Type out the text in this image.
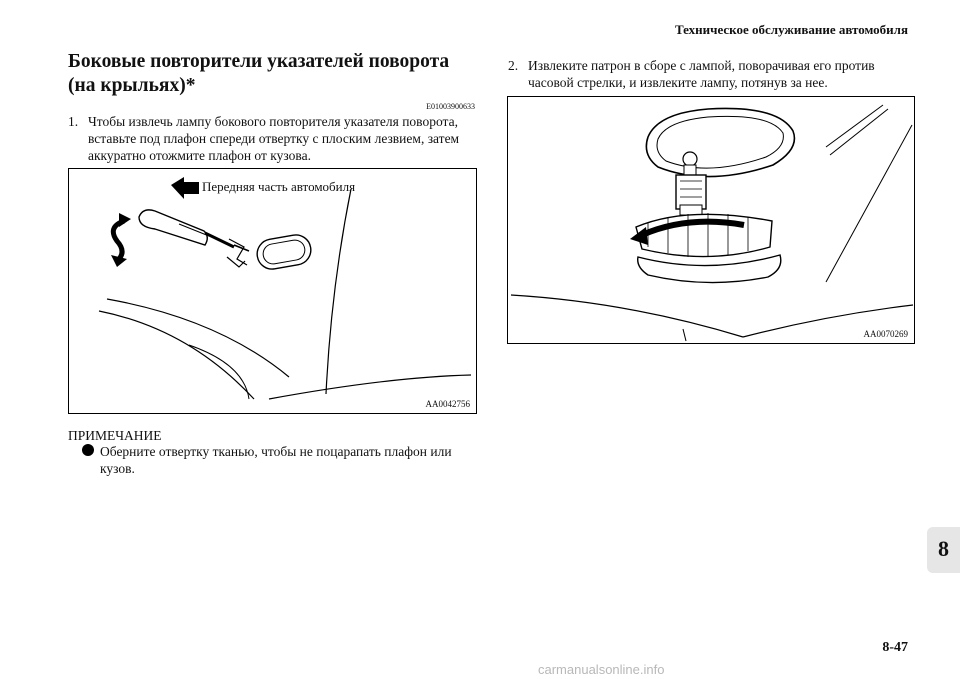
Техническое обслуживание автомобиля
Боковые повторители указателей поворота (на крыльях)*
E01003900633
1. Чтобы извлечь лампу бокового повторителя указателя поворота, вставьте под плафон спереди отвертку с плоским лезвием, затем аккуратно отожмите плафон от кузова.
Передняя часть автомобиля
AA0042756
ПРИМЕЧАНИЕ
Оберните отвертку тканью, чтобы не поцарапать плафон или кузов.
2. Извлеките патрон в сборе с лампой, поворачивая его против часовой стрелки, и извлеките лампу, потянув за нее.
AA0070269
8
8-47
carmanualsonline.info
